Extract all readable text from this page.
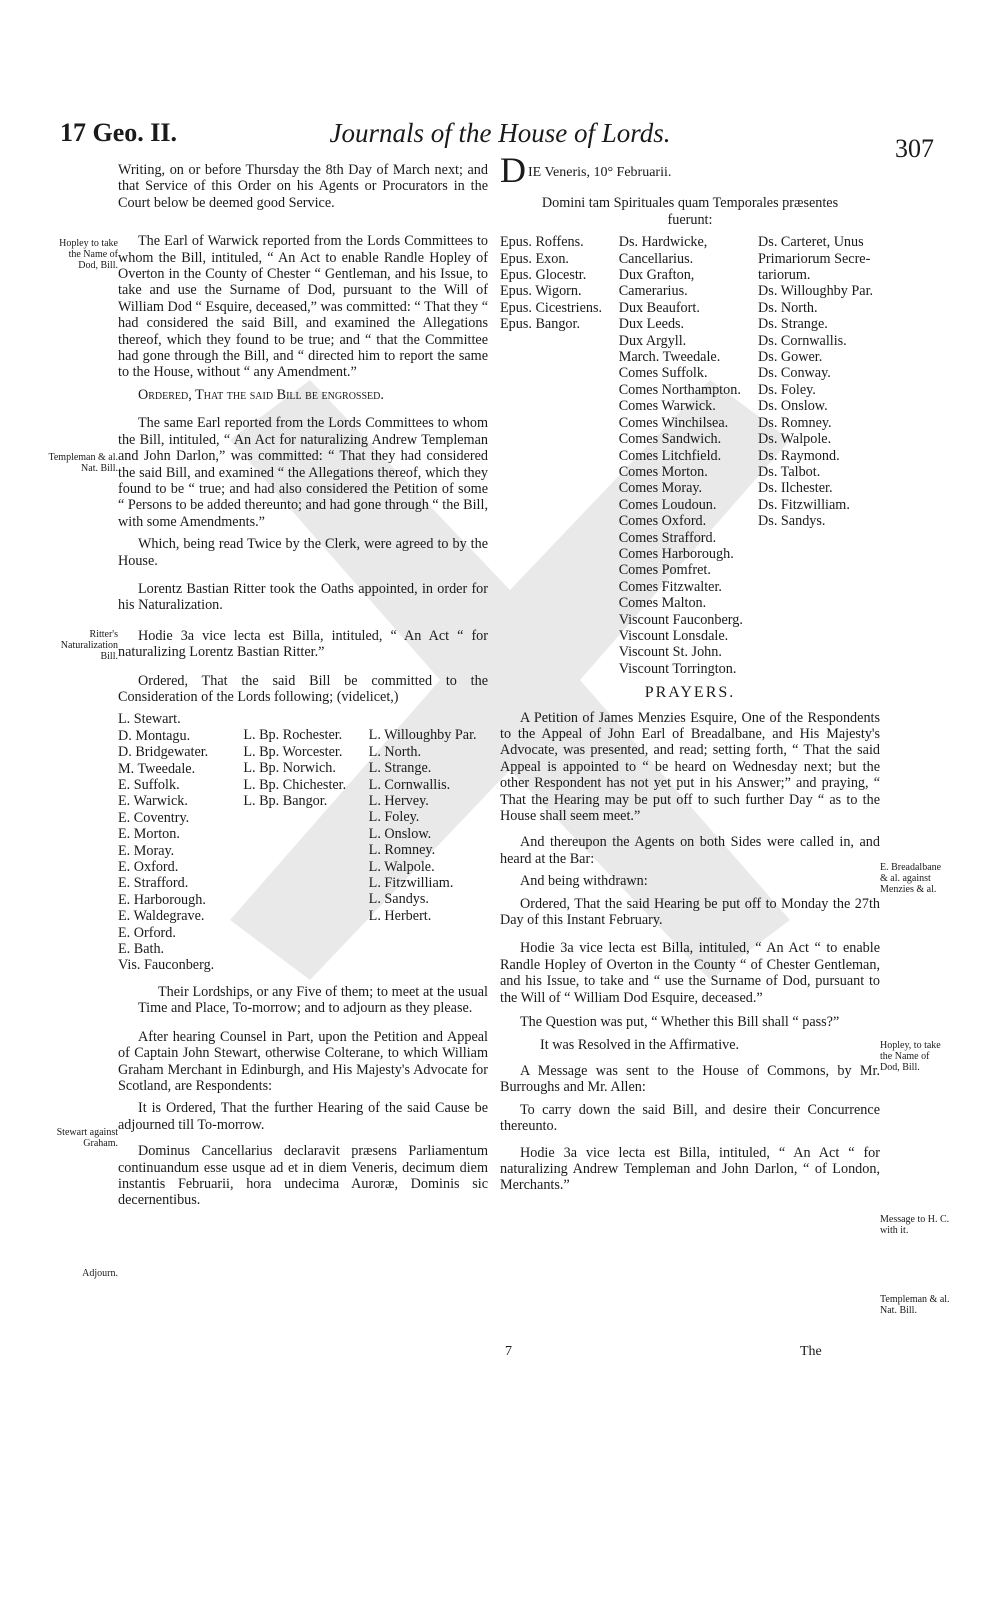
17 Geo. II.	Journals of the House of Lords.
307
Hopley to take the Name of Dod, Bill.
Templeman & al. Nat. Bill.
Ritter's Naturalization Bill.
Stewart against Graham.
Adjourn.

Writing, on or before Thursday the 8th Day of March next; and that Service of this Order on his Agents or Procurators in the Court below be deemed good Service.

The Earl of Warwick reported from the Lords Committees to whom the Bill, intituled, “ An Act to enable Randle Hopley of Overton in the County of Chester “ Gentleman, and his Issue, to take and use the Surname of Dod, pursuant to the Will of William Dod “ Esquire, deceased,” was committed: “ That they “ had considered the said Bill, and examined the Allegations thereof, which they found to be true; and “ that the Committee had gone through the Bill, and “ directed him to report the same to the House, without “ any Amendment.”

Ordered, That the said Bill be engrossed.

The same Earl reported from the Lords Committees to whom the Bill, intituled, “ An Act for naturalizing Andrew Templeman and John Darlon,” was committed: “ That they had considered the said Bill, and examined “ the Allegations thereof, which they found to be “ true; and had also considered the Petition of some “ Persons to be added thereunto; and had gone through “ the Bill, with some Amendments.”

Which, being read Twice by the Clerk, were agreed to by the House.

Lorentz Bastian Ritter took the Oaths appointed, in order for his Naturalization.

Hodie 3a vice lecta est Billa, intituled, “ An Act “ for naturalizing Lorentz Bastian Ritter.”

Ordered, That the said Bill be committed to the Consideration of the Lords following; (videlicet,)

L. Stewart.
D. Montagu.
D. Bridgewater.
M. Tweedale.
E. Suffolk.
E. Warwick.
E. Coventry.
E. Morton.
E. Moray.
E. Oxford.
E. Strafford.
E. Harborough.
E. Waldegrave.
E. Orford.
E. Bath.
Vis. Fauconberg.
L. Bp. Rochester.
L. Bp. Worcester.
L. Bp. Norwich.
L. Bp. Chichester.
L. Bp. Bangor.
L. Willoughby Par.
L. North.
L. Strange.
L. Cornwallis.
L. Hervey.
L. Foley.
L. Onslow.
L. Romney.
L. Walpole.
L. Fitzwilliam.
L. Sandys.
L. Herbert.

Their Lordships, or any Five of them; to meet at the usual Time and Place, To-morrow; and to adjourn as they please.

After hearing Counsel in Part, upon the Petition and Appeal of Captain John Stewart, otherwise Colterane, to which William Graham Merchant in Edinburgh, and His Majesty's Advocate for Scotland, are Respondents:

It is Ordered, That the further Hearing of the said Cause be adjourned till To-morrow.

Dominus Cancellarius declaravit præsens Parliamentum continuandum esse usque ad et in diem Veneris, decimum diem instantis Februarii, hora undecima Auroræ, Dominis sic decernentibus.

DIE Veneris, 10° Februarii.

Domini tam Spirituales quam Temporales præsentes fuerunt:

Epus. Roffens.
Epus. Exon.
Epus. Glocestr.
Epus. Wigorn.
Epus. Cicestriens.
Epus. Bangor.
Ds. Hardwicke,
Cancellarius.
Dux Grafton,
Camerarius.
Dux Beaufort.
Dux Leeds.
Dux Argyll.
March. Tweedale.
Comes Suffolk.
Comes Northampton.
Comes Warwick.
Comes Winchilsea.
Comes Sandwich.
Comes Litchfield.
Comes Morton.
Comes Moray.
Comes Loudoun.
Comes Oxford.
Comes Strafford.
Comes Harborough.
Comes Pomfret.
Comes Fitzwalter.
Comes Malton.
Viscount Fauconberg.
Viscount Lonsdale.
Viscount St. John.
Viscount Torrington.
Ds. Carteret, Unus
Primariorum Secre-
tariorum.
Ds. Willoughby Par.
Ds. North.
Ds. Strange.
Ds. Cornwallis.
Ds. Gower.
Ds. Conway.
Ds. Foley.
Ds. Onslow.
Ds. Romney.
Ds. Walpole.
Ds. Raymond.
Ds. Talbot.
Ds. Ilchester.
Ds. Fitzwilliam.
Ds. Sandys.
PRAYERS.

A Petition of James Menzies Esquire, One of the Respondents to the Appeal of John Earl of Breadalbane, and His Majesty's Advocate, was presented, and read; setting forth, “ That the said Appeal is appointed to “ be heard on Wednesday next; but the other Respondent has not yet put in his Answer;” and praying, “ That the Hearing may be put off to such further Day “ as to the House shall seem meet.”

And thereupon the Agents on both Sides were called in, and heard at the Bar:

And being withdrawn:

Ordered, That the said Hearing be put off to Monday the 27th Day of this Instant February.

Hodie 3a vice lecta est Billa, intituled, “ An Act “ to enable Randle Hopley of Overton in the County “ of Chester Gentleman, and his Issue, to take and “ use the Surname of Dod, pursuant to the Will of “ William Dod Esquire, deceased.”

The Question was put, “ Whether this Bill shall “ pass?”

It was Resolved in the Affirmative.

A Message was sent to the House of Commons, by Mr. Burroughs and Mr. Allen:

To carry down the said Bill, and desire their Concurrence thereunto.

Hodie 3a vice lecta est Billa, intituled, “ An Act “ for naturalizing Andrew Templeman and John Darlon, “ of London, Merchants.”

E. Breadalbane & al. against Menzies & al.
Hopley, to take the Name of Dod, Bill.
Message to H. C. with it.
Templeman & al. Nat. Bill.
7	The
